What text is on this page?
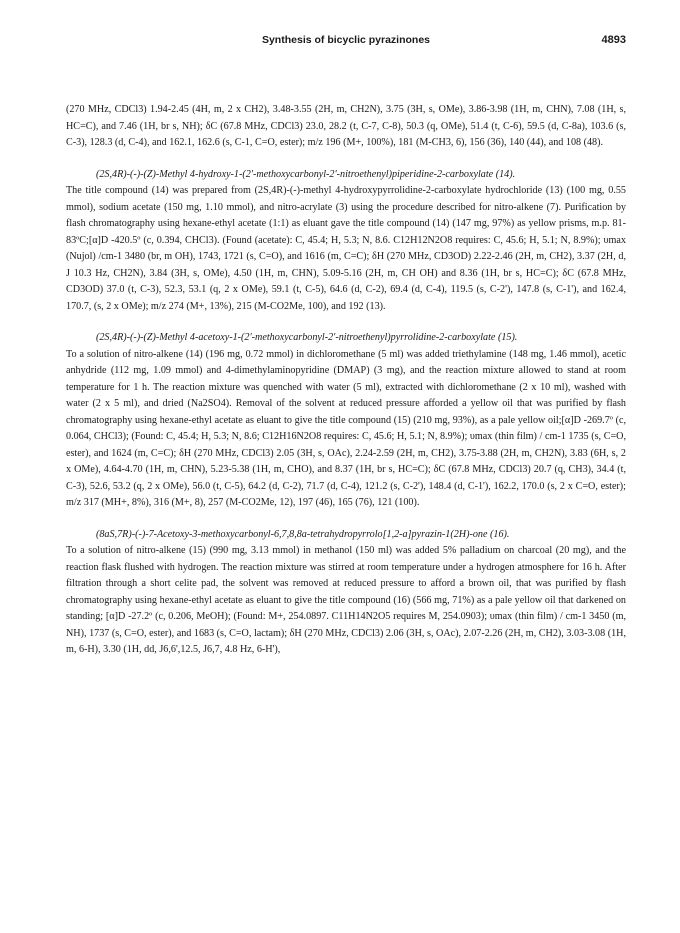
Synthesis of bicyclic pyrazinones	4893

(270 MHz, CDCl3) 1.94-2.45 (4H, m, 2 x CH2), 3.48-3.55 (2H, m, CH2N), 3.75 (3H, s, OMe), 3.86-3.98 (1H, m, CHN), 7.08 (1H, s, HC=C), and 7.46 (1H, br s, NH); δC (67.8 MHz, CDCl3) 23.0, 28.2 (t, C-7, C-8), 50.3 (q, OMe), 51.4 (t, C-6), 59.5 (d, C-8a), 103.6 (s, C-3), 128.3 (d, C-4), and 162.1, 162.6 (s, C-1, C=O, ester); m/z 196 (M+, 100%), 181 (M-CH3, 6), 156 (36), 140 (44), and 108 (48).

(2S,4R)-(-)-(Z)-Methyl 4-hydroxy-1-(2'-methoxycarbonyl-2'-nitroethenyl)piperidine-2-carboxylate (14).

The title compound (14) was prepared from (2S,4R)-(-)-methyl 4-hydroxypyrrolidine-2-carboxylate hydrochloride (13) (100 mg, 0.55 mmol), sodium acetate (150 mg, 1.10 mmol), and nitro-acrylate (3) using the procedure described for nitro-alkene (7). Purification by flash chromatography using hexane-ethyl acetate (1:1) as eluant gave the title compound (14) (147 mg, 97%) as yellow prisms, m.p. 81-83ºC;[α]D -420.5º (c, 0.394, CHCl3). (Found (acetate): C, 45.4; H, 5.3; N, 8.6. C12H12N2O8 requires: C, 45.6; H, 5.1; N, 8.9%); υmax (Nujol) /cm-1 3480 (br, m OH), 1743, 1721 (s, C=O), and 1616 (m, C=C); δH (270 MHz, CD3OD) 2.22-2.46 (2H, m, CH2), 3.37 (2H, d, J 10.3 Hz, CH2N), 3.84 (3H, s, OMe), 4.50 (1H, m, CHN), 5.09-5.16 (2H, m, CH OH) and 8.36 (1H, br s, HC=C); δC (67.8 MHz, CD3OD) 37.0 (t, C-3), 52.3, 53.1 (q, 2 x OMe), 59.1 (t, C-5), 64.6 (d, C-2), 69.4 (d, C-4), 119.5 (s, C-2'), 147.8 (s, C-1'), and 162.4, 170.7, (s, 2 x OMe); m/z 274 (M+, 13%), 215 (M-CO2Me, 100), and 192 (13).

(2S,4R)-(-)-(Z)-Methyl 4-acetoxy-1-(2'-methoxycarbonyl-2'-nitroethenyl)pyrrolidine-2-carboxylate (15).

To a solution of nitro-alkene (14) (196 mg, 0.72 mmol) in dichloromethane (5 ml) was added triethylamine (148 mg, 1.46 mmol), acetic anhydride (112 mg, 1.09 mmol) and 4-dimethylaminopyridine (DMAP) (3 mg), and the reaction mixture allowed to stand at room temperature for 1 h. The reaction mixture was quenched with water (5 ml), extracted with dichloromethane (2 x 10 ml), washed with water (2 x 5 ml), and dried (Na2SO4). Removal of the solvent at reduced pressure afforded a yellow oil that was purified by flash chromatography using hexane-ethyl acetate as eluant to give the title compound (15) (210 mg, 93%), as a pale yellow oil;[α]D -269.7º (c, 0.064, CHCl3); (Found: C, 45.4; H, 5.3; N, 8.6; C12H16N2O8 requires: C, 45.6; H, 5.1; N, 8.9%); υmax (thin film) / cm-1 1735 (s, C=O, ester), and 1624 (m, C=C); δH (270 MHz, CDCl3) 2.05 (3H, s, OAc), 2.24-2.59 (2H, m, CH2), 3.75-3.88 (2H, m, CH2N), 3.83 (6H, s, 2 x OMe), 4.64-4.70 (1H, m, CHN), 5.23-5.38 (1H, m, CHO), and 8.37 (1H, br s, HC=C); δC (67.8 MHz, CDCl3) 20.7 (q, CH3), 34.4 (t, C-3), 52.6, 53.2 (q, 2 x OMe), 56.0 (t, C-5), 64.2 (d, C-2), 71.7 (d, C-4), 121.2 (s, C-2'), 148.4 (d, C-1'), 162.2, 170.0 (s, 2 x C=O, ester); m/z 317 (MH+, 8%), 316 (M+, 8), 257 (M-CO2Me, 12), 197 (46), 165 (76), 121 (100).

(8aS,7R)-(-)-7-Acetoxy-3-methoxycarbonyl-6,7,8,8a-tetrahydropyrrolo[1,2-a]pyrazin-1(2H)-one (16).

To a solution of nitro-alkene (15) (990 mg, 3.13 mmol) in methanol (150 ml) was added 5% palladium on charcoal (20 mg), and the reaction flask flushed with hydrogen. The reaction mixture was stirred at room temperature under a hydrogen atmosphere for 16 h. After filtration through a short celite pad, the solvent was removed at reduced pressure to afford a brown oil, that was purified by flash chromatography using hexane-ethyl acetate as eluant to give the title compound (16) (566 mg, 71%) as a pale yellow oil that darkened on standing; [α]D -27.2º (c, 0.206, MeOH); (Found: M+, 254.0897. C11H14N2O5 requires M, 254.0903); υmax (thin film) / cm-1 3450 (m, NH), 1737 (s, C=O, ester), and 1683 (s, C=O, lactam); δH (270 MHz, CDCl3) 2.06 (3H, s, OAc), 2.07-2.26 (2H, m, CH2), 3.03-3.08 (1H, m, 6-H), 3.30 (1H, dd, J6,6',12.5, J6,7, 4.8 Hz, 6-H'),
